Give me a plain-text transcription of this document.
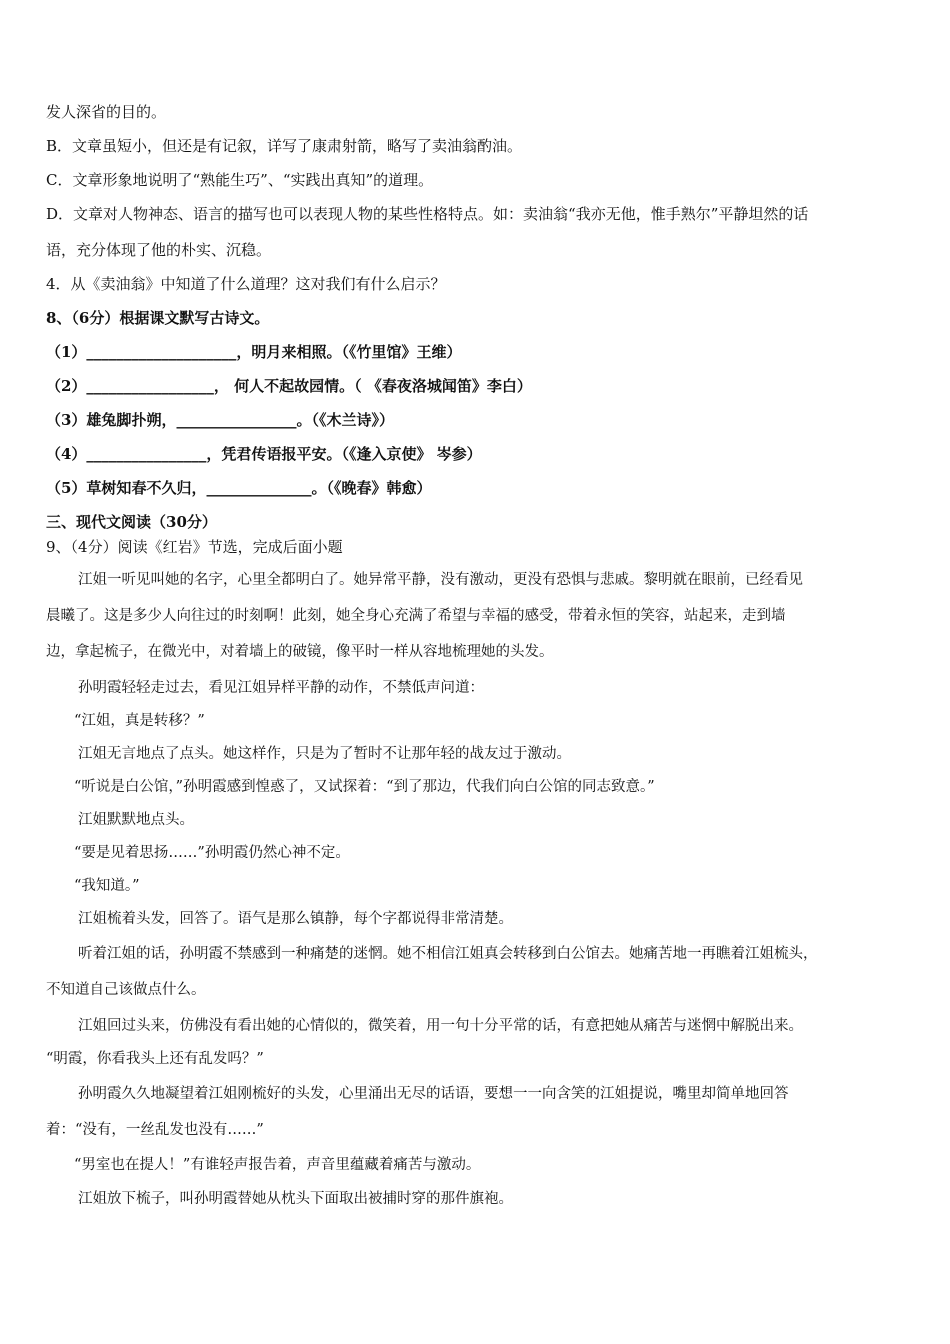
发人深省的目的。
B．文章虽短小，但还是有记叙，详写了康肃射箭，略写了卖油翁酌油。
C．文章形象地说明了“熟能生巧”、“实践出真知”的道理。
D．文章对人物神态、语言的描写也可以表现人物的某些性格特点。如：卖油翁“我亦无他，惟手熟尔”平静坦然的话
语，充分体现了他的朴实、沉稳。
4．从《卖油翁》中知道了什么道理？这对我们有什么启示？
8、（6分）根据课文默写古诗文。
（1）____________________，明月来相照。（《竹里馆》王维）
（2）_________________， 何人不起故园情。（ 《春夜洛城闻笛》李白）
（3）雄兔脚扑朔，________________。（《木兰诗》）
（4）________________，凭君传语报平安。（《逢入京使》 岑参）
（5）草树知春不久归，______________。（《晚春》韩愈）
三、现代文阅读（30分）
9、（4分）阅读《红岩》节选，完成后面小题
江姐一听见叫她的名字，心里全都明白了。她异常平静，没有激动，更没有恐惧与悲戚。黎明就在眼前，已经看见
晨曦了。这是多少人向往过的时刻啊！此刻，她全身心充满了希望与幸福的感受，带着永恒的笑容，站起来，走到墙
边，拿起梳子，在微光中，对着墙上的破镜，像平时一样从容地梳理她的头发。
孙明霞轻轻走过去，看见江姐异样平静的动作，不禁低声问道：
“江姐，真是转移？”
江姐无言地点了点头。她这样作，只是为了暂时不让那年轻的战友过于激动。
“听说是白公馆，”孙明霞感到惶惑了，又试探着：“到了那边，代我们向白公馆的同志致意。”
江姐默默地点头。
“要是见着思扬……”孙明霞仍然心神不定。
“我知道。”
江姐梳着头发，回答了。语气是那么镇静，每个字都说得非常清楚。
听着江姐的话，孙明霞不禁感到一种痛楚的迷惘。她不相信江姐真会转移到白公馆去。她痛苦地一再瞧着江姐梳头，
不知道自己该做点什么。
江姐回过头来，仿佛没有看出她的心情似的，微笑着，用一句十分平常的话，有意把她从痛苦与迷惘中解脱出来。
“明霞，你看我头上还有乱发吗？”
孙明霞久久地凝望着江姐刚梳好的头发，心里涌出无尽的话语，要想一一向含笑的江姐提说，嘴里却简单地回答
着：“没有，一丝乱发也没有……”
“男室也在提人！”有谁轻声报告着，声音里蕴藏着痛苦与激动。
江姐放下梳子，叫孙明霞替她从枕头下面取出被捕时穿的那件旗袍。
